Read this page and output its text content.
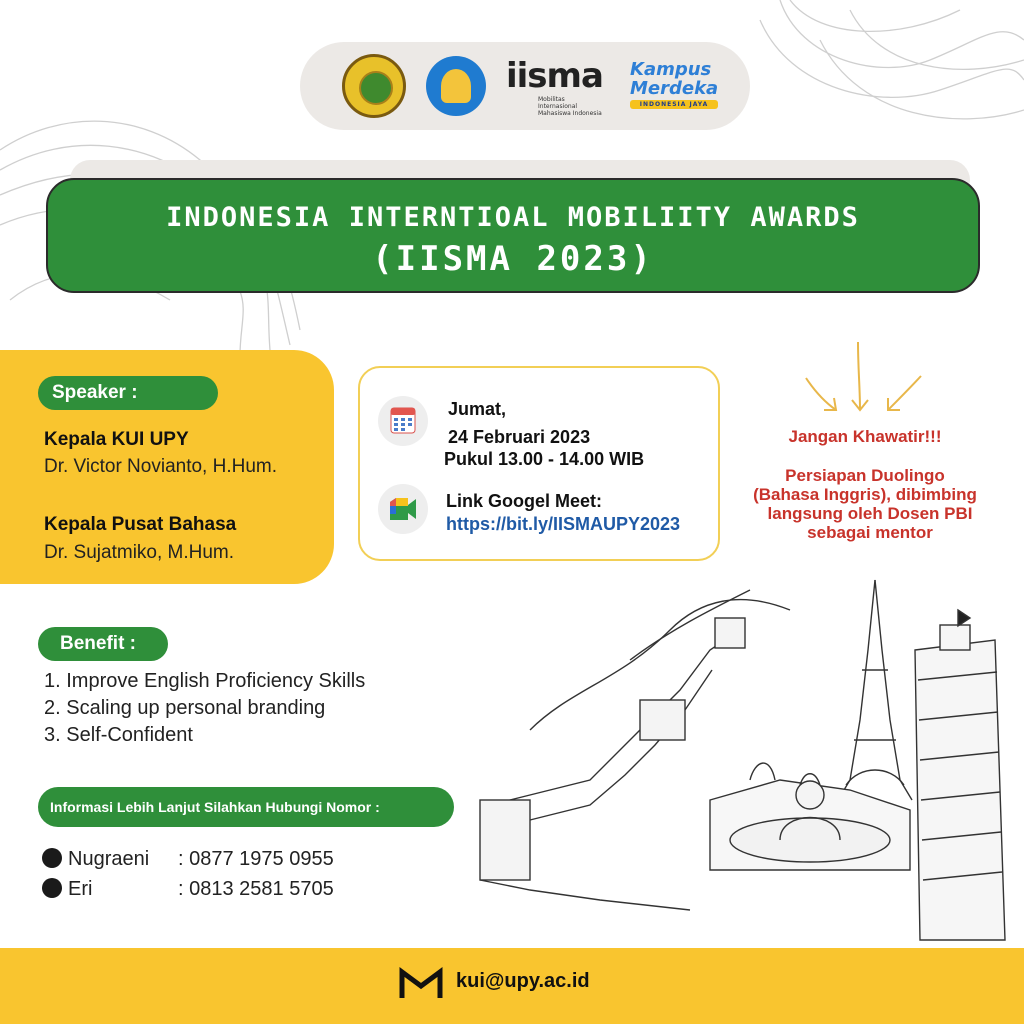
iisma
Mobilitas Internasional Mahasiswa Indonesia
Kampus
Merdeka
INDONESIA JAYA
INDONESIA INTERNTIOAL MOBILIITY AWARDS
(IISMA 2023)
Speaker :
Kepala KUI UPY
Dr. Victor Novianto, H.Hum.
Kepala Pusat Bahasa
Dr. Sujatmiko, M.Hum.
Jumat,
24 Februari 2023
Pukul 13.00 - 14.00 WIB
Link Googel Meet:
https://bit.ly/IISMAUPY2023
Jangan Khawatir!!!
Persiapan Duolingo
(Bahasa Inggris), dibimbing
langsung oleh Dosen PBI
sebagai mentor
Benefit :
1. Improve English Proficiency Skills
2. Scaling up personal branding
3. Self-Confident
Informasi Lebih Lanjut Silahkan Hubungi Nomor :
Nugraeni : 0877 1975 0955
Eri	: 0813 2581 5705
kui@upy.ac.id
